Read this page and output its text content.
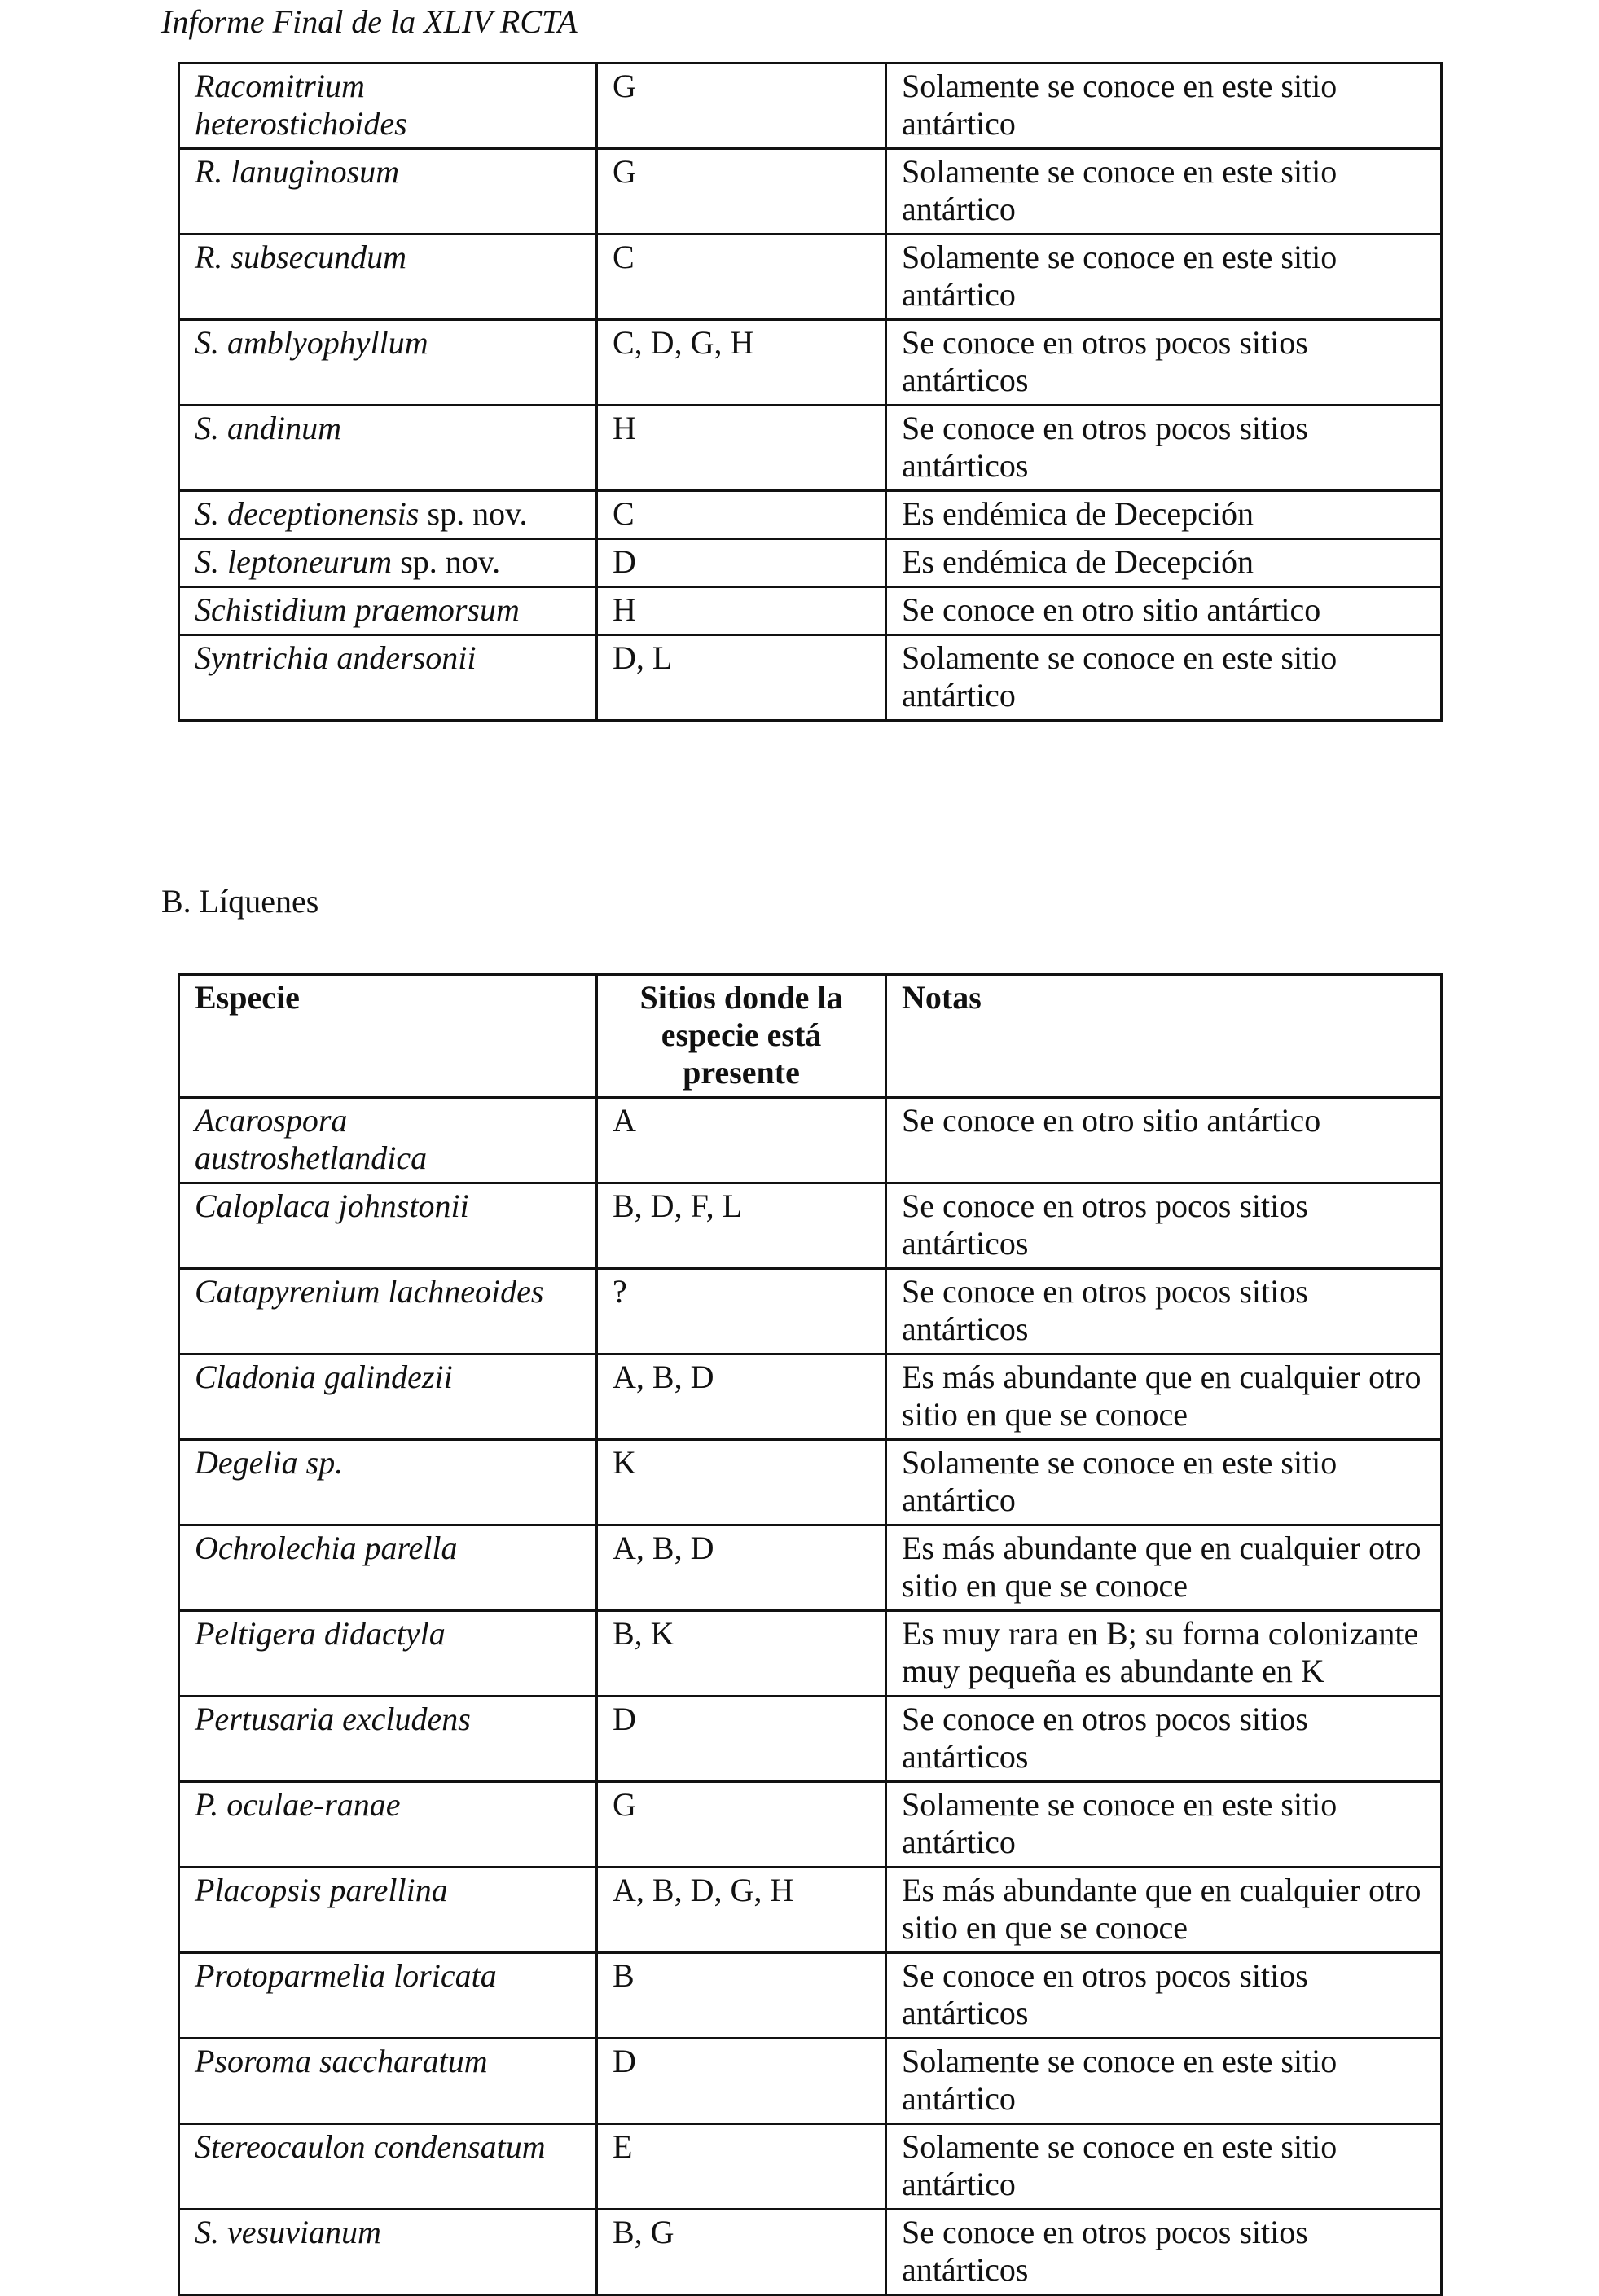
Informe Final de la XLIV RCTA
Racomitrium heterostichoides	G	Solamente se conoce en este sitio antártico
R. lanuginosum	G	Solamente se conoce en este sitio antártico
R. subsecundum	C	Solamente se conoce en este sitio antártico
S. amblyophyllum	C, D, G, H	Se conoce en otros pocos sitios antárticos
S. andinum	H	Se conoce en otros pocos sitios antárticos
S. deceptionensis sp. nov.	C	Es endémica de Decepción
S. leptoneurum sp. nov.	D	Es endémica de Decepción
Schistidium praemorsum	H	Se conoce en otro sitio antártico
Syntrichia andersonii	D, L	Solamente se conoce en este sitio antártico
B. Líquenes
Especie	Sitios donde la especie está presente	Notas
Acarospora austroshetlandica	A	Se conoce en otro sitio antártico
Caloplaca johnstonii	B, D, F, L	Se conoce en otros pocos sitios antárticos
Catapyrenium lachneoides	?	Se conoce en otros pocos sitios antárticos
Cladonia galindezii	A, B, D	Es más abundante que en cualquier otro sitio en que se conoce
Degelia sp.	K	Solamente se conoce en este sitio antártico
Ochrolechia parella	A, B, D	Es más abundante que en cualquier otro sitio en que se conoce
Peltigera didactyla	B, K	Es muy rara en B; su forma colonizante muy pequeña es abundante en K
Pertusaria excludens	D	Se conoce en otros pocos sitios antárticos
P. oculae-ranae	G	Solamente se conoce en este sitio antártico
Placopsis parellina	A, B, D, G, H	Es más abundante que en cualquier otro sitio en que se conoce
Protoparmelia loricata	B	Se conoce en otros pocos sitios antárticos
Psoroma saccharatum	D	Solamente se conoce en este sitio antártico
Stereocaulon condensatum	E	Solamente se conoce en este sitio antártico
S. vesuvianum	B, G	Se conoce en otros pocos sitios antárticos
